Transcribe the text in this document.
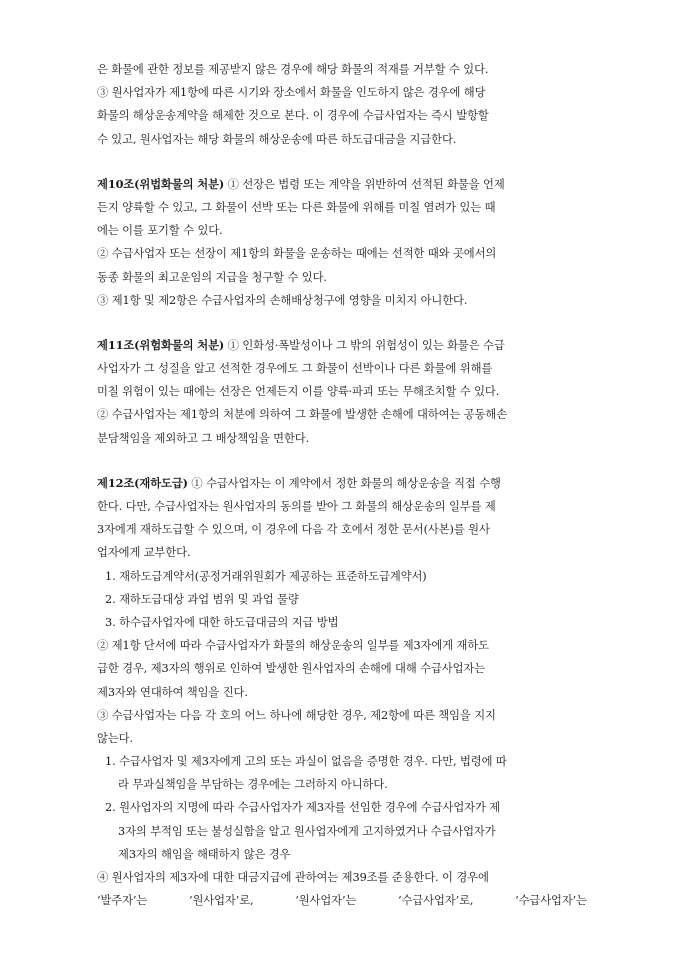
은 화물에 관한 정보를 제공받지 않은 경우에 해당 화물의 적재를 거부할 수 있다.
③ 원사업자가 제1항에 따른 시기와 장소에서 화물을 인도하지 않은 경우에 해당
화물의 해상운송계약을 해제한 것으로 본다. 이 경우에 수급사업자는 즉시 발항할
수 있고, 원사업자는 해당 화물의 해상운송에 따른 하도급대금을 지급한다.
제10조(위법화물의 처분) ① 선장은 법령 또는 계약을 위반하여 선적된 화물을 언제
든지 양륙할 수 있고, 그 화물이 선박 또는 다른 화물에 위해를 미칠 염려가 있는 때
에는 이를 포기할 수 있다.
② 수급사업자 또는 선장이 제1항의 화물을 운송하는 때에는 선적한 때와 곳에서의
동종 화물의 최고운임의 지급을 청구할 수 있다.
③ 제1항 및 제2항은 수급사업자의 손해배상청구에 영향을 미치지 아니한다.
제11조(위험화물의 처분) ① 인화성·폭발성이나 그 밖의 위험성이 있는 화물은 수급
사업자가 그 성질을 알고 선적한 경우에도 그 화물이 선박이나 다른 화물에 위해를
미칠 위험이 있는 때에는 선장은 언제든지 이를 양륙·파괴 또는 무해조치할 수 있다.
② 수급사업자는 제1항의 처분에 의하여 그 화물에 발생한 손해에 대하여는 공동해손
분담책임을 제외하고 그 배상책임을 면한다.
제12조(재하도급) ① 수급사업자는 이 계약에서 정한 화물의 해상운송을 직접 수행
한다. 다만, 수급사업자는 원사업자의 동의를 받아 그 화물의 해상운송의 일부를 제
3자에게 재하도급할 수 있으며, 이 경우에 다음 각 호에서 정한 문서(사본)를 원사
업자에게 교부한다.
1. 재하도급계약서(공정거래위원회가 제공하는 표준하도급계약서)
2. 재하도급대상 과업 범위 및 과업 물량
3. 하수급사업자에 대한 하도급대금의 지급 방법
② 제1항 단서에 따라 수급사업자가 화물의 해상운송의 일부를 제3자에게 재하도
급한 경우, 제3자의 행위로 인하여 발생한 원사업자의 손해에 대해 수급사업자는
제3자와 연대하여 책임을 진다.
③ 수급사업자는 다음 각 호의 어느 하나에 해당한 경우, 제2항에 따른 책임을 지지
않는다.
1. 수급사업자 및 제3자에게 고의 또는 과실이 없음을 증명한 경우. 다만, 법령에 따
라 무과실책임을 부담하는 경우에는 그러하지 아니하다.
2. 원사업자의 지명에 따라 수급사업자가 제3자를 선임한 경우에 수급사업자가 제
3자의 부적임 또는 불성실함을 알고 원사업자에게 고지하였거나 수급사업자가
제3자의 해임을 해태하지 않은 경우
④ 원사업자의 제3자에 대한 대금지급에 관하여는 제39조를 준용한다. 이 경우에
‘발주자’는	‘원사업자’로,	‘원사업자’는	‘수급사업자’로,	‘수급사업자’는
